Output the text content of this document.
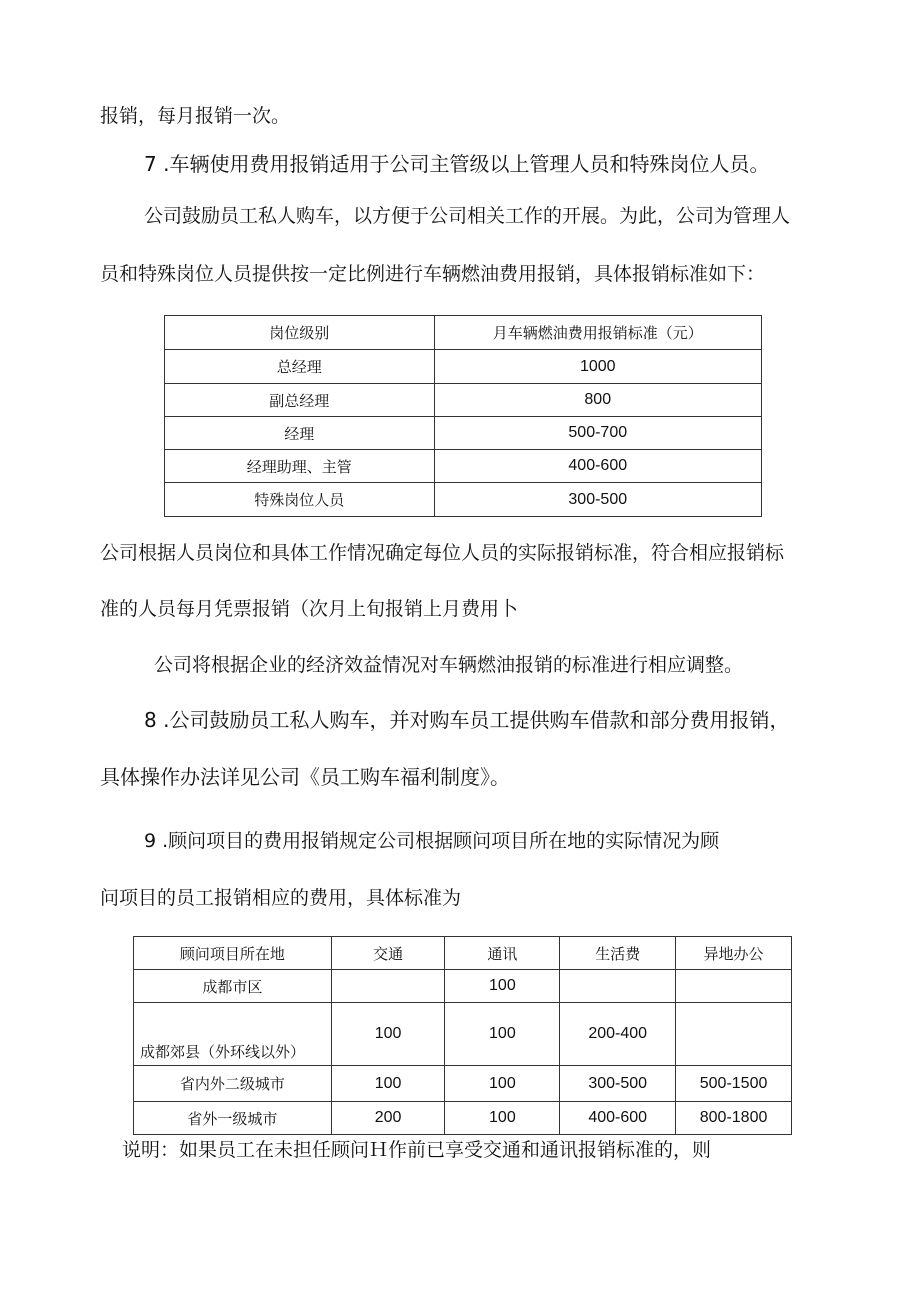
报销，每月报销一次。
7 .车辆使用费用报销适用于公司主管级以上管理人员和特殊岗位人员。
公司鼓励员工私人购车，以方便于公司相关工作的开展。为此，公司为管理人
员和特殊岗位人员提供按一定比例进行车辆燃油费用报销，具体报销标准如下：
岗位级别	月车辆燃油费用报销标准（元）
总经理	1000
副总经理	800
经理	500-700
经理助理、主管	400-600
特殊岗位人员	300-500
公司根据人员岗位和具体工作情况确定每位人员的实际报销标准，符合相应报销标
准的人员每月凭票报销（次月上旬报销上月费用卜
公司将根据企业的经济效益情况对车辆燃油报销的标准进行相应调整。
8 .公司鼓励员工私人购车，并对购车员工提供购车借款和部分费用报销，
具体操作办法详见公司《员工购车福利制度》。
9 .顾问项目的费用报销规定公司根据顾问项目所在地的实际情况为顾
问项目的员工报销相应的费用，具体标准为
顾问项目所在地	交通	通讯	生活费	异地办公
成都市区		100		
成都郊县（外环线以外）	100	100	200-400	
省内外二级城市	100	100	300-500	500-1500
省外一级城市	200	100	400-600	800-1800
说明：如果员工在未担任顾问Ｈ作前已享受交通和通讯报销标准的，则
